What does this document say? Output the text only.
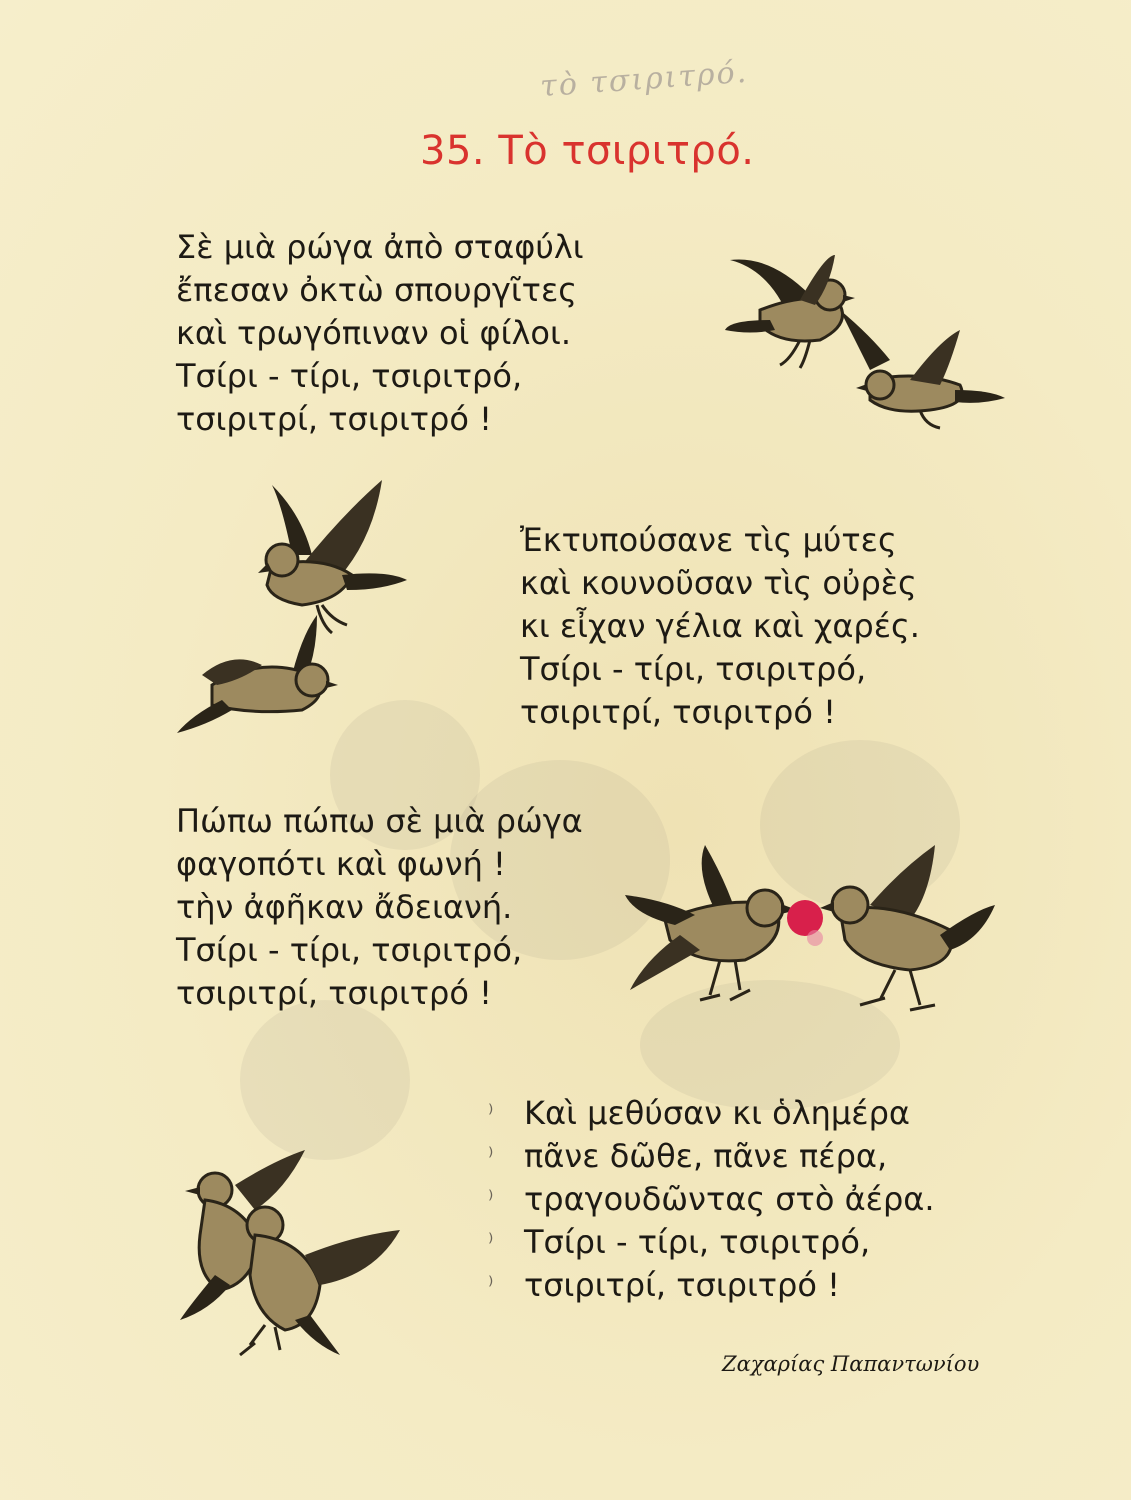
τὸ τσιριτρό.
35. Τὸ τσιριτρό.
Σὲ μιὰ ρώγα ἀπὸ σταφύλι
ἔπεσαν ὀκτὼ σπουργῖτες
καὶ τρωγόπιναν οἱ φίλοι.
Τσίρι - τίρι, τσιριτρό,
τσιριτρί, τσιριτρό !
Ἐκτυπούσανε τὶς μύτες
καὶ κουνοῦσαν τὶς οὐρὲς
κι εἶχαν γέλια καὶ χαρές.
Τσίρι - τίρι, τσιριτρό,
τσιριτρί, τσιριτρό !
Πώπω πώπω σὲ μιὰ ρώγα
φαγοπότι καὶ φωνή !
τὴν ἀφῆκαν ἄδειανή.
Τσίρι - τίρι, τσιριτρό,
τσιριτρί, τσιριτρό !
⁾
⁾
⁾
⁾
⁾
Καὶ μεθύσαν κι ὁλημέρα
πᾶνε δῶθε, πᾶνε πέρα,
τραγουδῶντας στὸ ἀέρα.
Τσίρι - τίρι, τσιριτρό,
τσιριτρί, τσιριτρό !
Ζαχαρίας Παπαντωνίου
